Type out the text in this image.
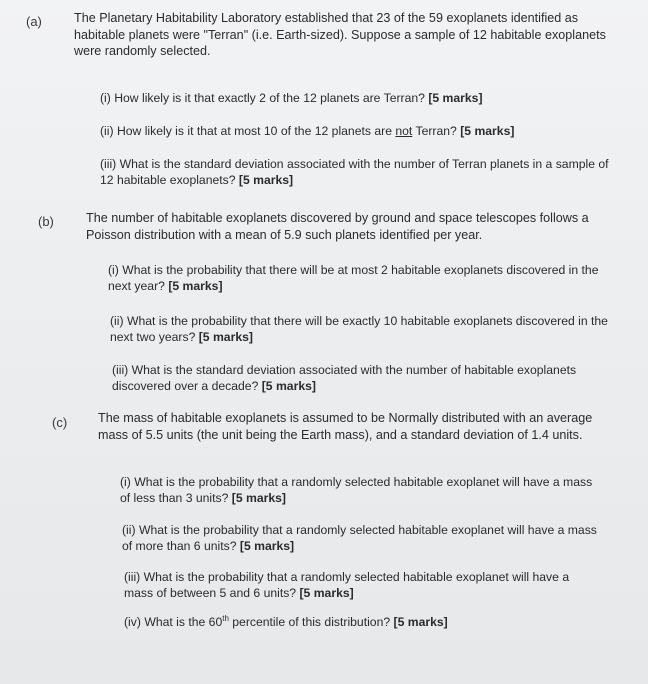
(a)	The Planetary Habitability Laboratory established that 23 of the 59 exoplanets identified as habitable planets were "Terran" (i.e. Earth-sized). Suppose a sample of 12 habitable exoplanets were randomly selected.
(i) How likely is it that exactly 2 of the 12 planets are Terran? [5 marks]
(ii) How likely is it that at most 10 of the 12 planets are not Terran? [5 marks]
(iii) What is the standard deviation associated with the number of Terran planets in a sample of 12 habitable exoplanets? [5 marks]
(b)	The number of habitable exoplanets discovered by ground and space telescopes follows a Poisson distribution with a mean of 5.9 such planets identified per year.
(i) What is the probability that there will be at most 2 habitable exoplanets discovered in the next year? [5 marks]
(ii) What is the probability that there will be exactly 10 habitable exoplanets discovered in the next two years? [5 marks]
(iii) What is the standard deviation associated with the number of habitable exoplanets discovered over a decade? [5 marks]
(c) The mass of habitable exoplanets is assumed to be Normally distributed with an average mass of 5.5 units (the unit being the Earth mass), and a standard deviation of 1.4 units.
(i) What is the probability that a randomly selected habitable exoplanet will have a mass of less than 3 units? [5 marks]
(ii) What is the probability that a randomly selected habitable exoplanet will have a mass of more than 6 units? [5 marks]
(iii) What is the probability that a randomly selected habitable exoplanet will have a mass of between 5 and 6 units? [5 marks]
(iv) What is the 60th percentile of this distribution? [5 marks]
